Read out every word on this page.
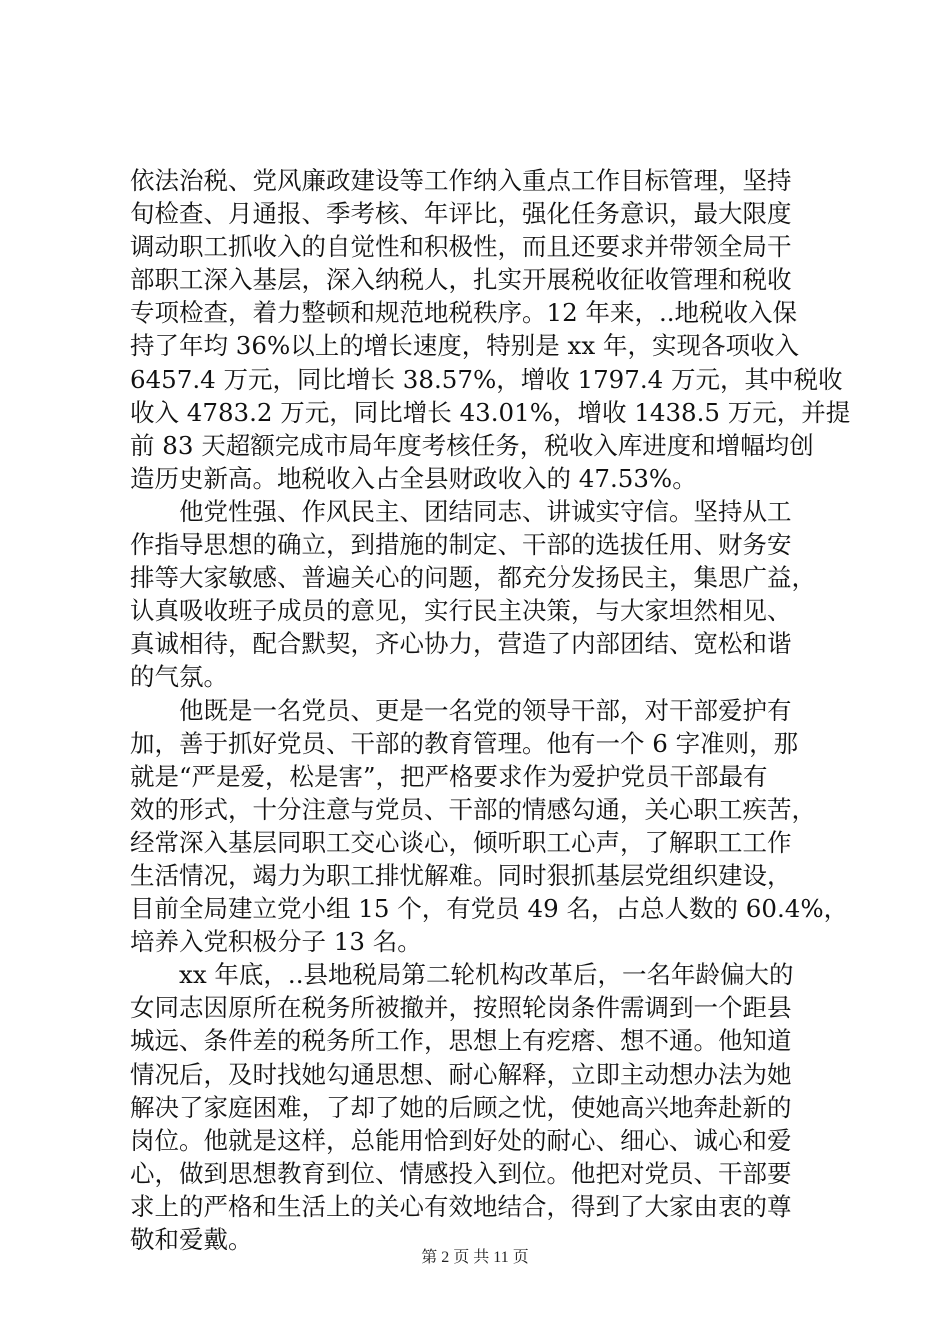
依法治税、党风廉政建设等工作纳入重点工作目标管理，坚持
旬检查、月通报、季考核、年评比，强化任务意识，最大限度
调动职工抓收入的自觉性和积极性，而且还要求并带领全局干
部职工深入基层，深入纳税人，扎实开展税收征收管理和税收
专项检查，着力整顿和规范地税秩序。12 年来，..地税收入保
持了年均 36%以上的增长速度，特别是 xx 年，实现各项收入
6457.4 万元，同比增长 38.57%，增收 1797.4 万元，其中税收
收入 4783.2 万元，同比增长 43.01%，增收 1438.5 万元，并提
前 83 天超额完成市局年度考核任务，税收入库进度和增幅均创
造历史新高。地税收入占全县财政收入的 47.53%。
他党性强、作风民主、团结同志、讲诚实守信。坚持从工
作指导思想的确立，到措施的制定、干部的选拔任用、财务安
排等大家敏感、普遍关心的问题，都充分发扬民主，集思广益，
认真吸收班子成员的意见，实行民主决策，与大家坦然相见、
真诚相待，配合默契，齐心协力，营造了内部团结、宽松和谐
的气氛。
他既是一名党员、更是一名党的领导干部，对干部爱护有
加，善于抓好党员、干部的教育管理。他有一个 6 字准则，那
就是“严是爱，松是害”，把严格要求作为爱护党员干部最有
效的形式，十分注意与党员、干部的情感勾通，关心职工疾苦，
经常深入基层同职工交心谈心，倾听职工心声，了解职工工作
生活情况，竭力为职工排忧解难。同时狠抓基层党组织建设，
目前全局建立党小组 15 个，有党员 49 名，占总人数的 60.4%，
培养入党积极分子 13 名。
xx 年底，..县地税局第二轮机构改革后，一名年龄偏大的
女同志因原所在税务所被撤并，按照轮岗条件需调到一个距县
城远、条件差的税务所工作，思想上有疙瘩、想不通。他知道
情况后，及时找她勾通思想、耐心解释，立即主动想办法为她
解决了家庭困难，了却了她的后顾之忧，使她高兴地奔赴新的
岗位。他就是这样，总能用恰到好处的耐心、细心、诚心和爱
心，做到思想教育到位、情感投入到位。他把对党员、干部要
求上的严格和生活上的关心有效地结合，得到了大家由衷的尊
敬和爱戴。
第 2 页 共 11 页
